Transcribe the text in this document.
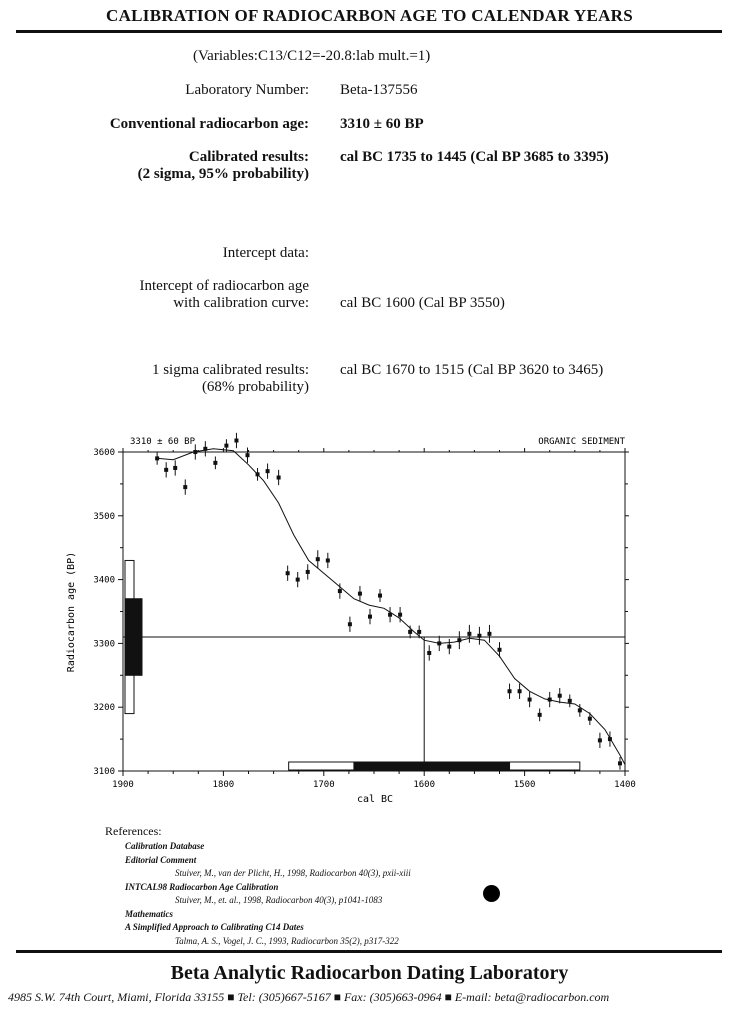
CALIBRATION OF RADIOCARBON AGE TO CALENDAR YEARS
(Variables:C13/C12=-20.8:lab mult.=1)
Laboratory Number: Beta-137556
Conventional radiocarbon age: 3310 ± 60 BP
Calibrated results:
(2 sigma, 95% probability)
cal BC 1735 to 1445 (Cal BP 3685 to 3395)
Intercept data:
Intercept of radiocarbon age
with calibration curve: cal BC 1600 (Cal BP 3550)
1 sigma calibrated results:
(68% probability)
cal BC 1670 to 1515 (Cal BP 3620 to 3465)
3310 ± 60 BP	ORGANIC SEDIMENT
cal BC
Radiocarbon age (BP)
3100
3200
3300
3400
3500
3600
1900	1800	1700	1600	1500	1400
References:
Calibration Database
Editorial Comment
Stuiver, M., van der Plicht, H., 1998, Radiocarbon 40(3), pxii-xiii
INTCAL98 Radiocarbon Age Calibration
Stuiver, M., et. al., 1998, Radiocarbon 40(3), p1041-1083
Mathematics
A Simplified Approach to Calibrating C14 Dates
Talma, A. S., Vogel, J. C., 1993, Radiocarbon 35(2), p317-322
Beta Analytic Radiocarbon Dating Laboratory
4985 S.W. 74th Court, Miami, Florida 33155 ■ Tel: (305)667-5167 ■ Fax: (305)663-0964 ■ E-mail: beta@radiocarbon.com
